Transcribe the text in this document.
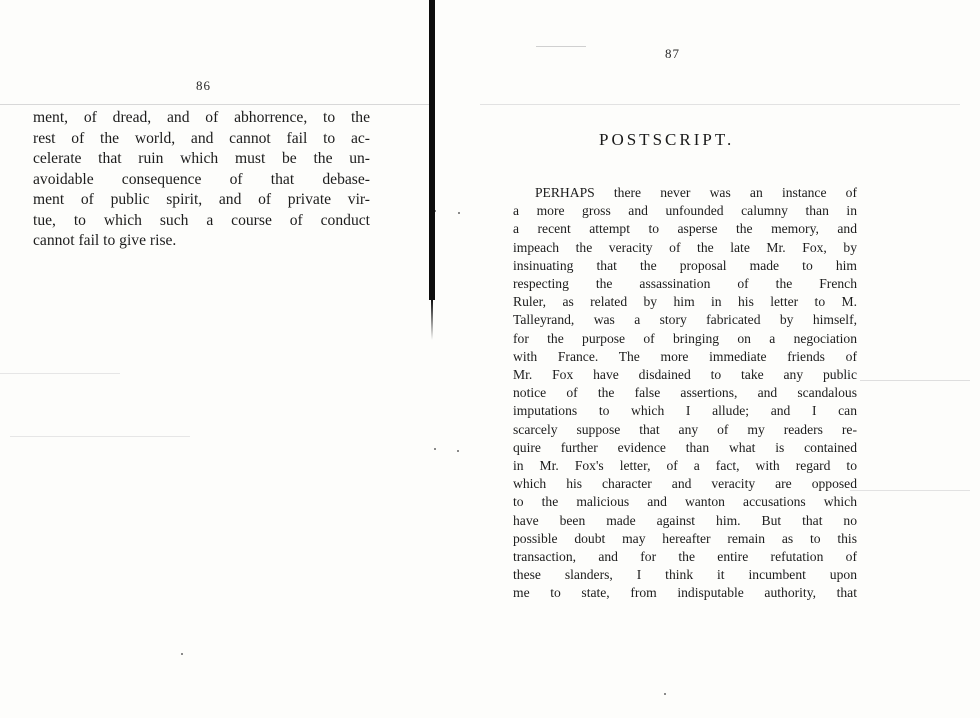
86
ment, of dread, and of abhorrence, to the
rest of the world, and cannot fail to ac-
celerate that ruin which must be the un-
avoidable consequence of that debase-
ment of public spirit, and of private vir-
tue, to which such a course of conduct
cannot fail to give rise.
87
POSTSCRIPT.
PERHAPS there never was an instance of
a more gross and unfounded calumny than in
a recent attempt to asperse the memory, and
impeach the veracity of the late Mr. Fox, by
insinuating that the proposal made to him
respecting the assassination of the French
Ruler, as related by him in his letter to M.
Talleyrand, was a story fabricated by himself,
for the purpose of bringing on a negociation
with France. The more immediate friends of
Mr. Fox have disdained to take any public
notice of the false assertions, and scandalous
imputations to which I allude; and I can
scarcely suppose that any of my readers re-
quire further evidence than what is contained
in Mr. Fox's letter, of a fact, with regard to
which his character and veracity are opposed
to the malicious and wanton accusations which
have been made against him. But that no
possible doubt may hereafter remain as to this
transaction, and for the entire refutation of
these slanders, I think it incumbent upon
me to state, from indisputable authority, that
